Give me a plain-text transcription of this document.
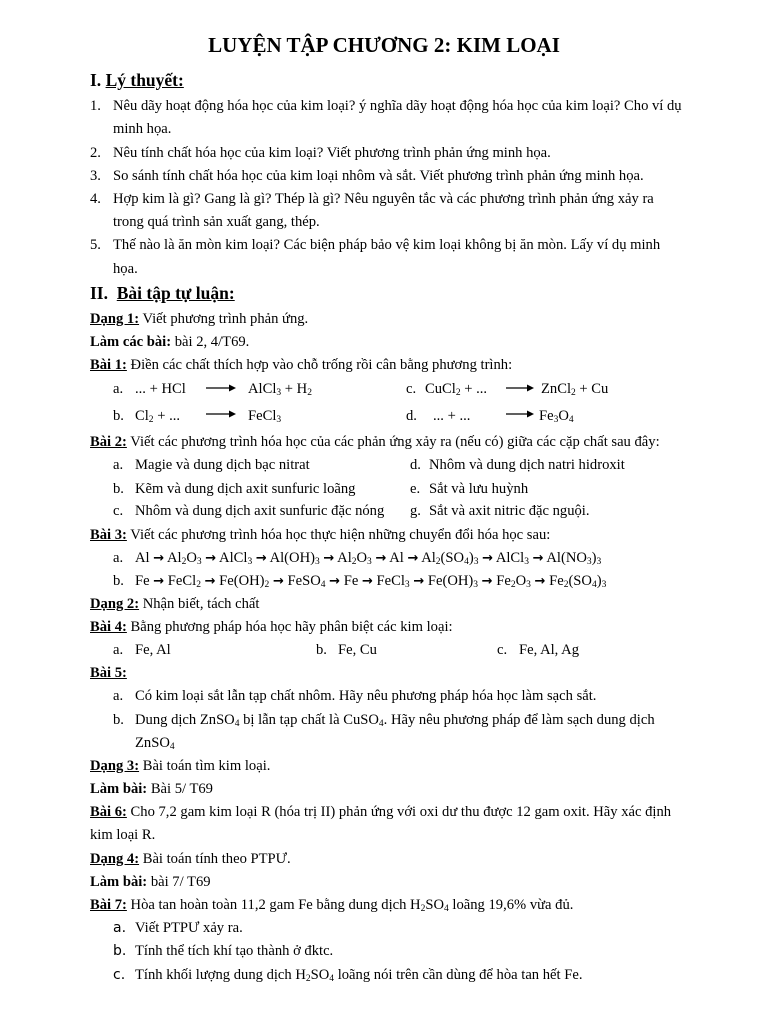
LUYỆN TẬP CHƯƠNG 2: KIM LOẠI
I. Lý thuyết:
1. Nêu dãy hoạt động hóa học của kim loại? ý nghĩa dãy hoạt động hóa học của kim loại? Cho ví dụ
minh họa.
2. Nêu tính chất hóa học của kim loại? Viết phương trình phản ứng minh họa.
3. So sánh tính chất hóa học của kim loại nhôm và sắt. Viết phương trình phản ứng minh họa.
4. Hợp kim là gì? Gang là gì? Thép là gì? Nêu nguyên tắc và các phương trình phản ứng xảy ra
trong quá trình sản xuất gang, thép.
5. Thế nào là ăn mòn kim loại? Các biện pháp bảo vệ kim loại không bị ăn mòn. Lấy ví dụ minh
họa.
II. Bài tập tự luận:
Dạng 1: Viết phương trình phản ứng.
Làm các bài: bài 2, 4/T69.
Bài 1: Điền các chất thích hợp vào chỗ trống rồi cân bằng phương trình:
a. ... + HCl	AlCl$_3$ + $H_2$	c. CuCl$_2$ + ...	ZnCl$_2$ + Cu
b. $Cl_2$ + ...	FeCl$_3$	d. ... + ...	$Fe_3O_4$
Bài 2: Viết các phương trình hóa học của các phản ứng xảy ra (nếu có) giữa các cặp chất sau đây:
a. Magie và dung dịch bạc nitrat	d. Nhôm và dung dịch natri hidroxit
b. Kẽm và dung dịch axit sunfuric loãng	e. Sắt và lưu huỳnh
c. Nhôm và dung dịch axit sunfuric đặc nóng g. Sắt và axit nitric đặc nguội.
Bài 3: Viết các phương trình hóa học thực hiện những chuyển đổi hóa học sau:
a. $Al \to Al_2O_3$ → AlCl$_3$ → $Al(OH)_3 \to Al_2O_3 \to Al \to Al_2(SO_4)_3$ → AlCl$_3$ → $Al(NO_3)_3$
b. Fe → FeCl$_2$ → $Fe(OH)_2$ → FeSO$_4$ → Fe → FeCl$_3$ → $Fe(OH)_3 \to Fe_2O_3 \to Fe_2(SO_4)_3$
Dạng 2: Nhận biết, tách chất
Bài 4: Bằng phương pháp hóa học hãy phân biệt các kim loại:
a. Fe, Al	b. Fe, Cu	c. Fe, Al, Ag
Bài 5:
a. Có kim loại sắt lẫn tạp chất nhôm. Hãy nêu phương pháp hóa học làm sạch sắt.
b. Dung dịch ZnSO$_4$ bị lẫn tạp chất là CuSO$_4$. Hãy nêu phương pháp để làm sạch dung dịch
ZnSO$_4$
Dạng 3: Bài toán tìm kim loại.
Làm bài: Bài 5/ T69
Bài 6: Cho 7,2 gam kim loại R (hóa trị II) phản ứng với oxi dư thu được 12 gam oxit. Hãy xác định
kim loại R.
Dạng 4: Bài toán tính theo PTPƯ.
Làm bài: bài 7/ T69
Bài 7: Hòa tan hoàn toàn 11,2 gam Fe bằng dung dịch $H_2SO_4$ loãng 19,6% vừa đủ.
a. Viết PTPƯ xảy ra.
b. Tính thể tích khí tạo thành ở đktc.
c. Tính khối lượng dung dịch $H_2SO_4$ loãng nói trên cần dùng để hòa tan hết Fe.
